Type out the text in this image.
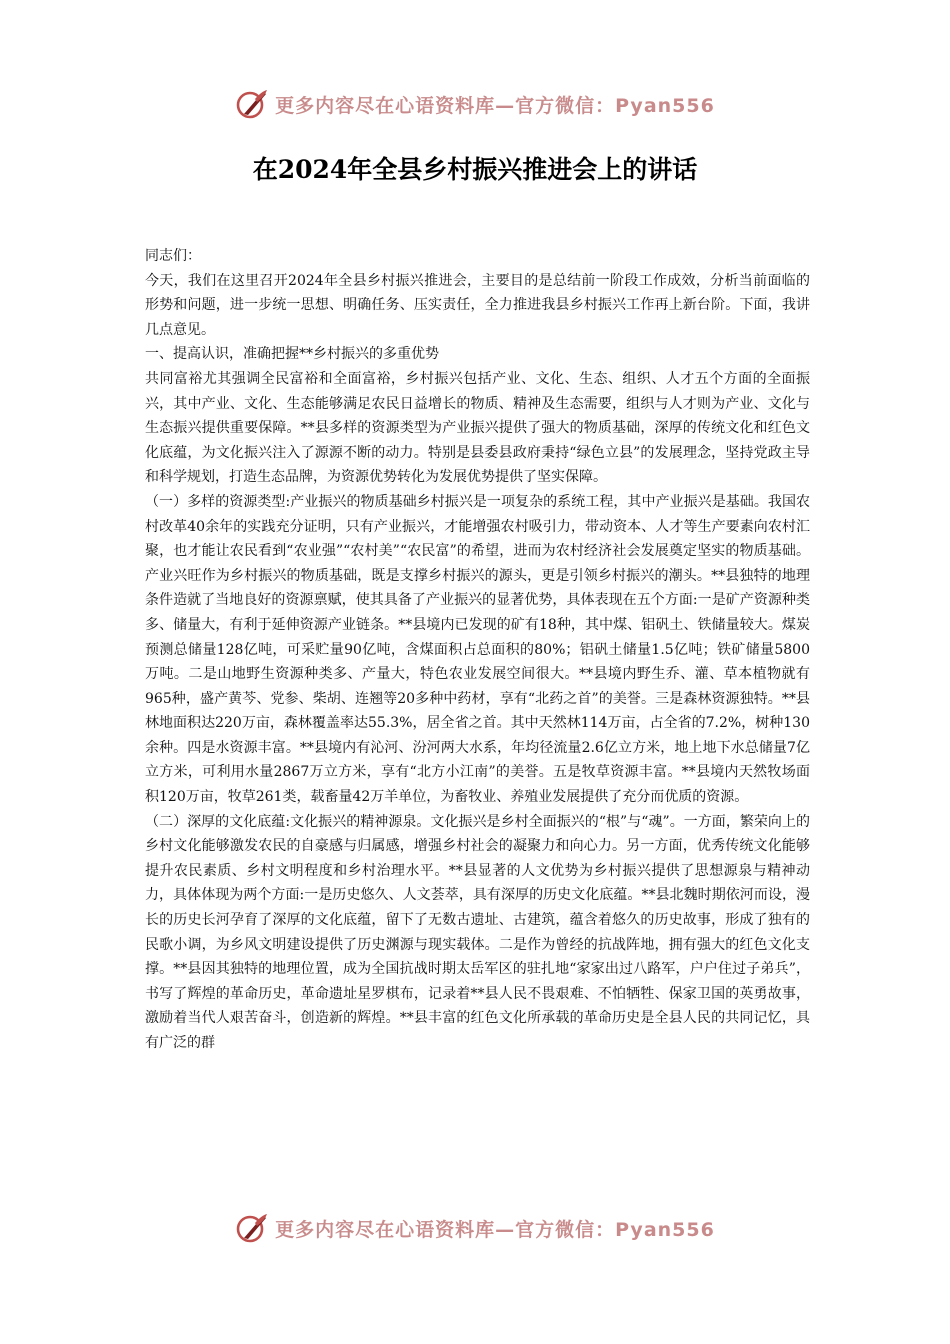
更多内容尽在心语资料库—官方微信：Pyan556
在2024年全县乡村振兴推进会上的讲话

同志们：

今天，我们在这里召开2024年全县乡村振兴推进会，主要目的是总结前一阶段工作成效，分析当前面临的形势和问题，进一步统一思想、明确任务、压实责任，全力推进我县乡村振兴工作再上新台阶。下面，我讲几点意见。

一、提高认识，准确把握**乡村振兴的多重优势

共同富裕尤其强调全民富裕和全面富裕，乡村振兴包括产业、文化、生态、组织、人才五个方面的全面振兴，其中产业、文化、生态能够满足农民日益增长的物质、精神及生态需要，组织与人才则为产业、文化与生态振兴提供重要保障。**县多样的资源类型为产业振兴提供了强大的物质基础，深厚的传统文化和红色文化底蕴，为文化振兴注入了源源不断的动力。特别是县委县政府秉持“绿色立县”的发展理念，坚持党政主导和科学规划，打造生态品牌，为资源优势转化为发展优势提供了坚实保障。

（一）多样的资源类型:产业振兴的物质基础乡村振兴是一项复杂的系统工程，其中产业振兴是基础。我国农村改革40余年的实践充分证明，只有产业振兴，才能增强农村吸引力，带动资本、人才等生产要素向农村汇聚，也才能让农民看到“农业强”“农村美”“农民富”的希望，进而为农村经济社会发展奠定坚实的物质基础。产业兴旺作为乡村振兴的物质基础，既是支撑乡村振兴的源头，更是引领乡村振兴的潮头。**县独特的地理条件造就了当地良好的资源禀赋，使其具备了产业振兴的显著优势，具体表现在五个方面:一是矿产资源种类多、储量大，有利于延伸资源产业链条。**县境内已发现的矿有18种，其中煤、铝矾土、铁储量较大。煤炭预测总储量128亿吨，可采贮量90亿吨，含煤面积占总面积的80%；铝矾土储量1.5亿吨；铁矿储量5800万吨。二是山地野生资源种类多、产量大，特色农业发展空间很大。**县境内野生乔、灌、草本植物就有965种，盛产黄芩、党参、柴胡、连翘等20多种中药材，享有“北药之首”的美誉。三是森林资源独特。**县林地面积达220万亩，森林覆盖率达55.3%，居全省之首。其中天然林114万亩，占全省的7.2%，树种130余种。四是水资源丰富。**县境内有沁河、汾河两大水系，年均径流量2.6亿立方米，地上地下水总储量7亿立方米，可利用水量2867万立方米，享有“北方小江南”的美誉。五是牧草资源丰富。**县境内天然牧场面积120万亩，牧草261类，载畜量42万羊单位，为畜牧业、养殖业发展提供了充分而优质的资源。

（二）深厚的文化底蕴:文化振兴的精神源泉。文化振兴是乡村全面振兴的“根”与“魂”。一方面，繁荣向上的乡村文化能够激发农民的自豪感与归属感，增强乡村社会的凝聚力和向心力。另一方面，优秀传统文化能够提升农民素质、乡村文明程度和乡村治理水平。**县显著的人文优势为乡村振兴提供了思想源泉与精神动力，具体体现为两个方面:一是历史悠久、人文荟萃，具有深厚的历史文化底蕴。**县北魏时期依河而设，漫长的历史长河孕育了深厚的文化底蕴，留下了无数古遗址、古建筑，蕴含着悠久的历史故事，形成了独有的民歌小调，为乡风文明建设提供了历史渊源与现实载体。二是作为曾经的抗战阵地，拥有强大的红色文化支撑。**县因其独特的地理位置，成为全国抗战时期太岳军区的驻扎地“家家出过八路军，户户住过子弟兵”，书写了辉煌的革命历史，革命遗址星罗棋布，记录着**县人民不畏艰难、不怕牺牲、保家卫国的英勇故事，激励着当代人艰苦奋斗，创造新的辉煌。**县丰富的红色文化所承载的革命历史是全县人民的共同记忆，具有广泛的群

更多内容尽在心语资料库—官方微信：Pyan556
